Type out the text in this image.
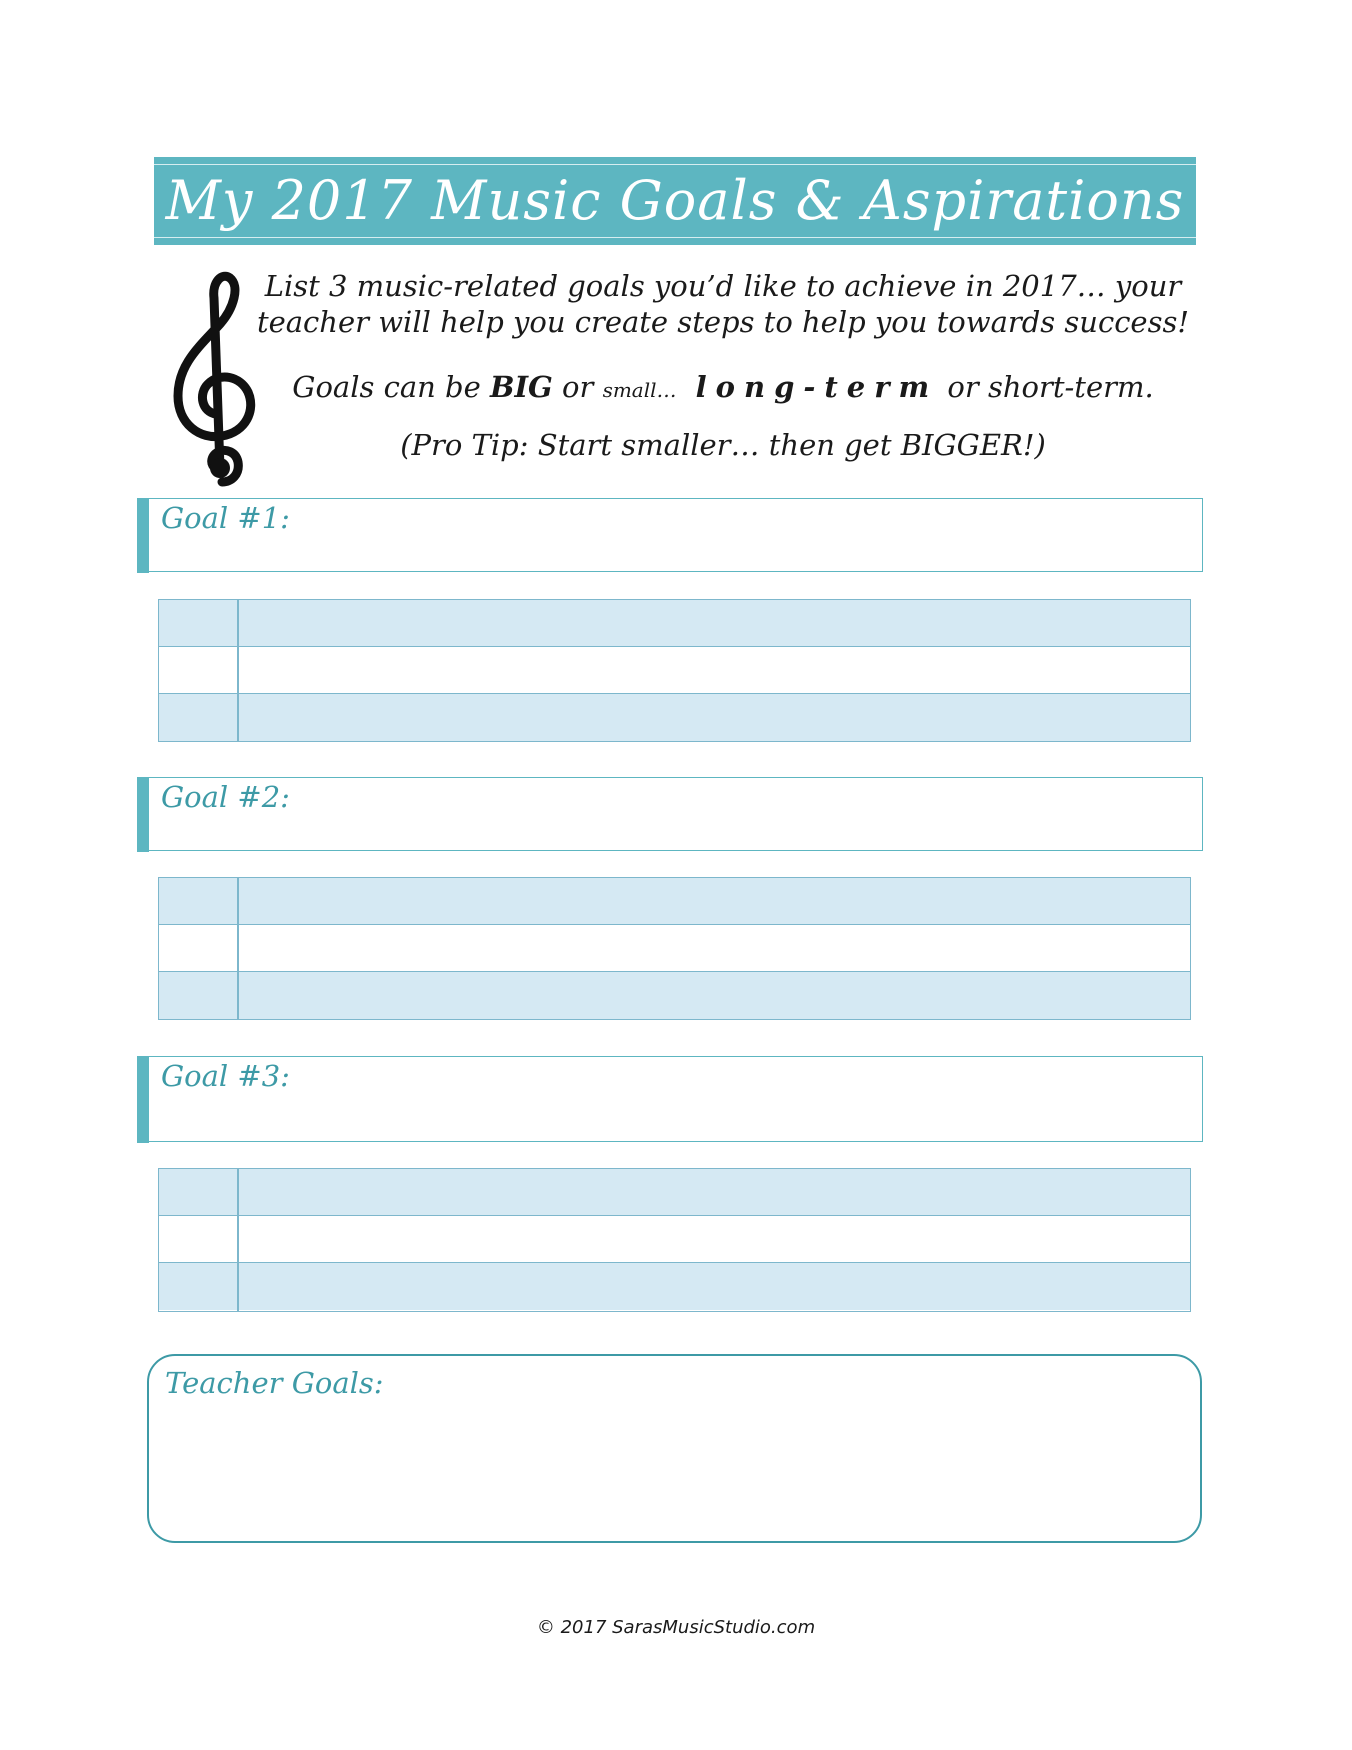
My 2017 Music Goals & Aspirations
List 3 music-related goals you’d like to achieve in 2017… your
teacher will help you create steps to help you towards success!
Goals can be BIG or small… long-term or short-term.
(Pro Tip: Start smaller… then get BIGGER!)
Goal #1:
Goal #2:
Goal #3:
Teacher Goals:
© 2017 SarasMusicStudio.com
